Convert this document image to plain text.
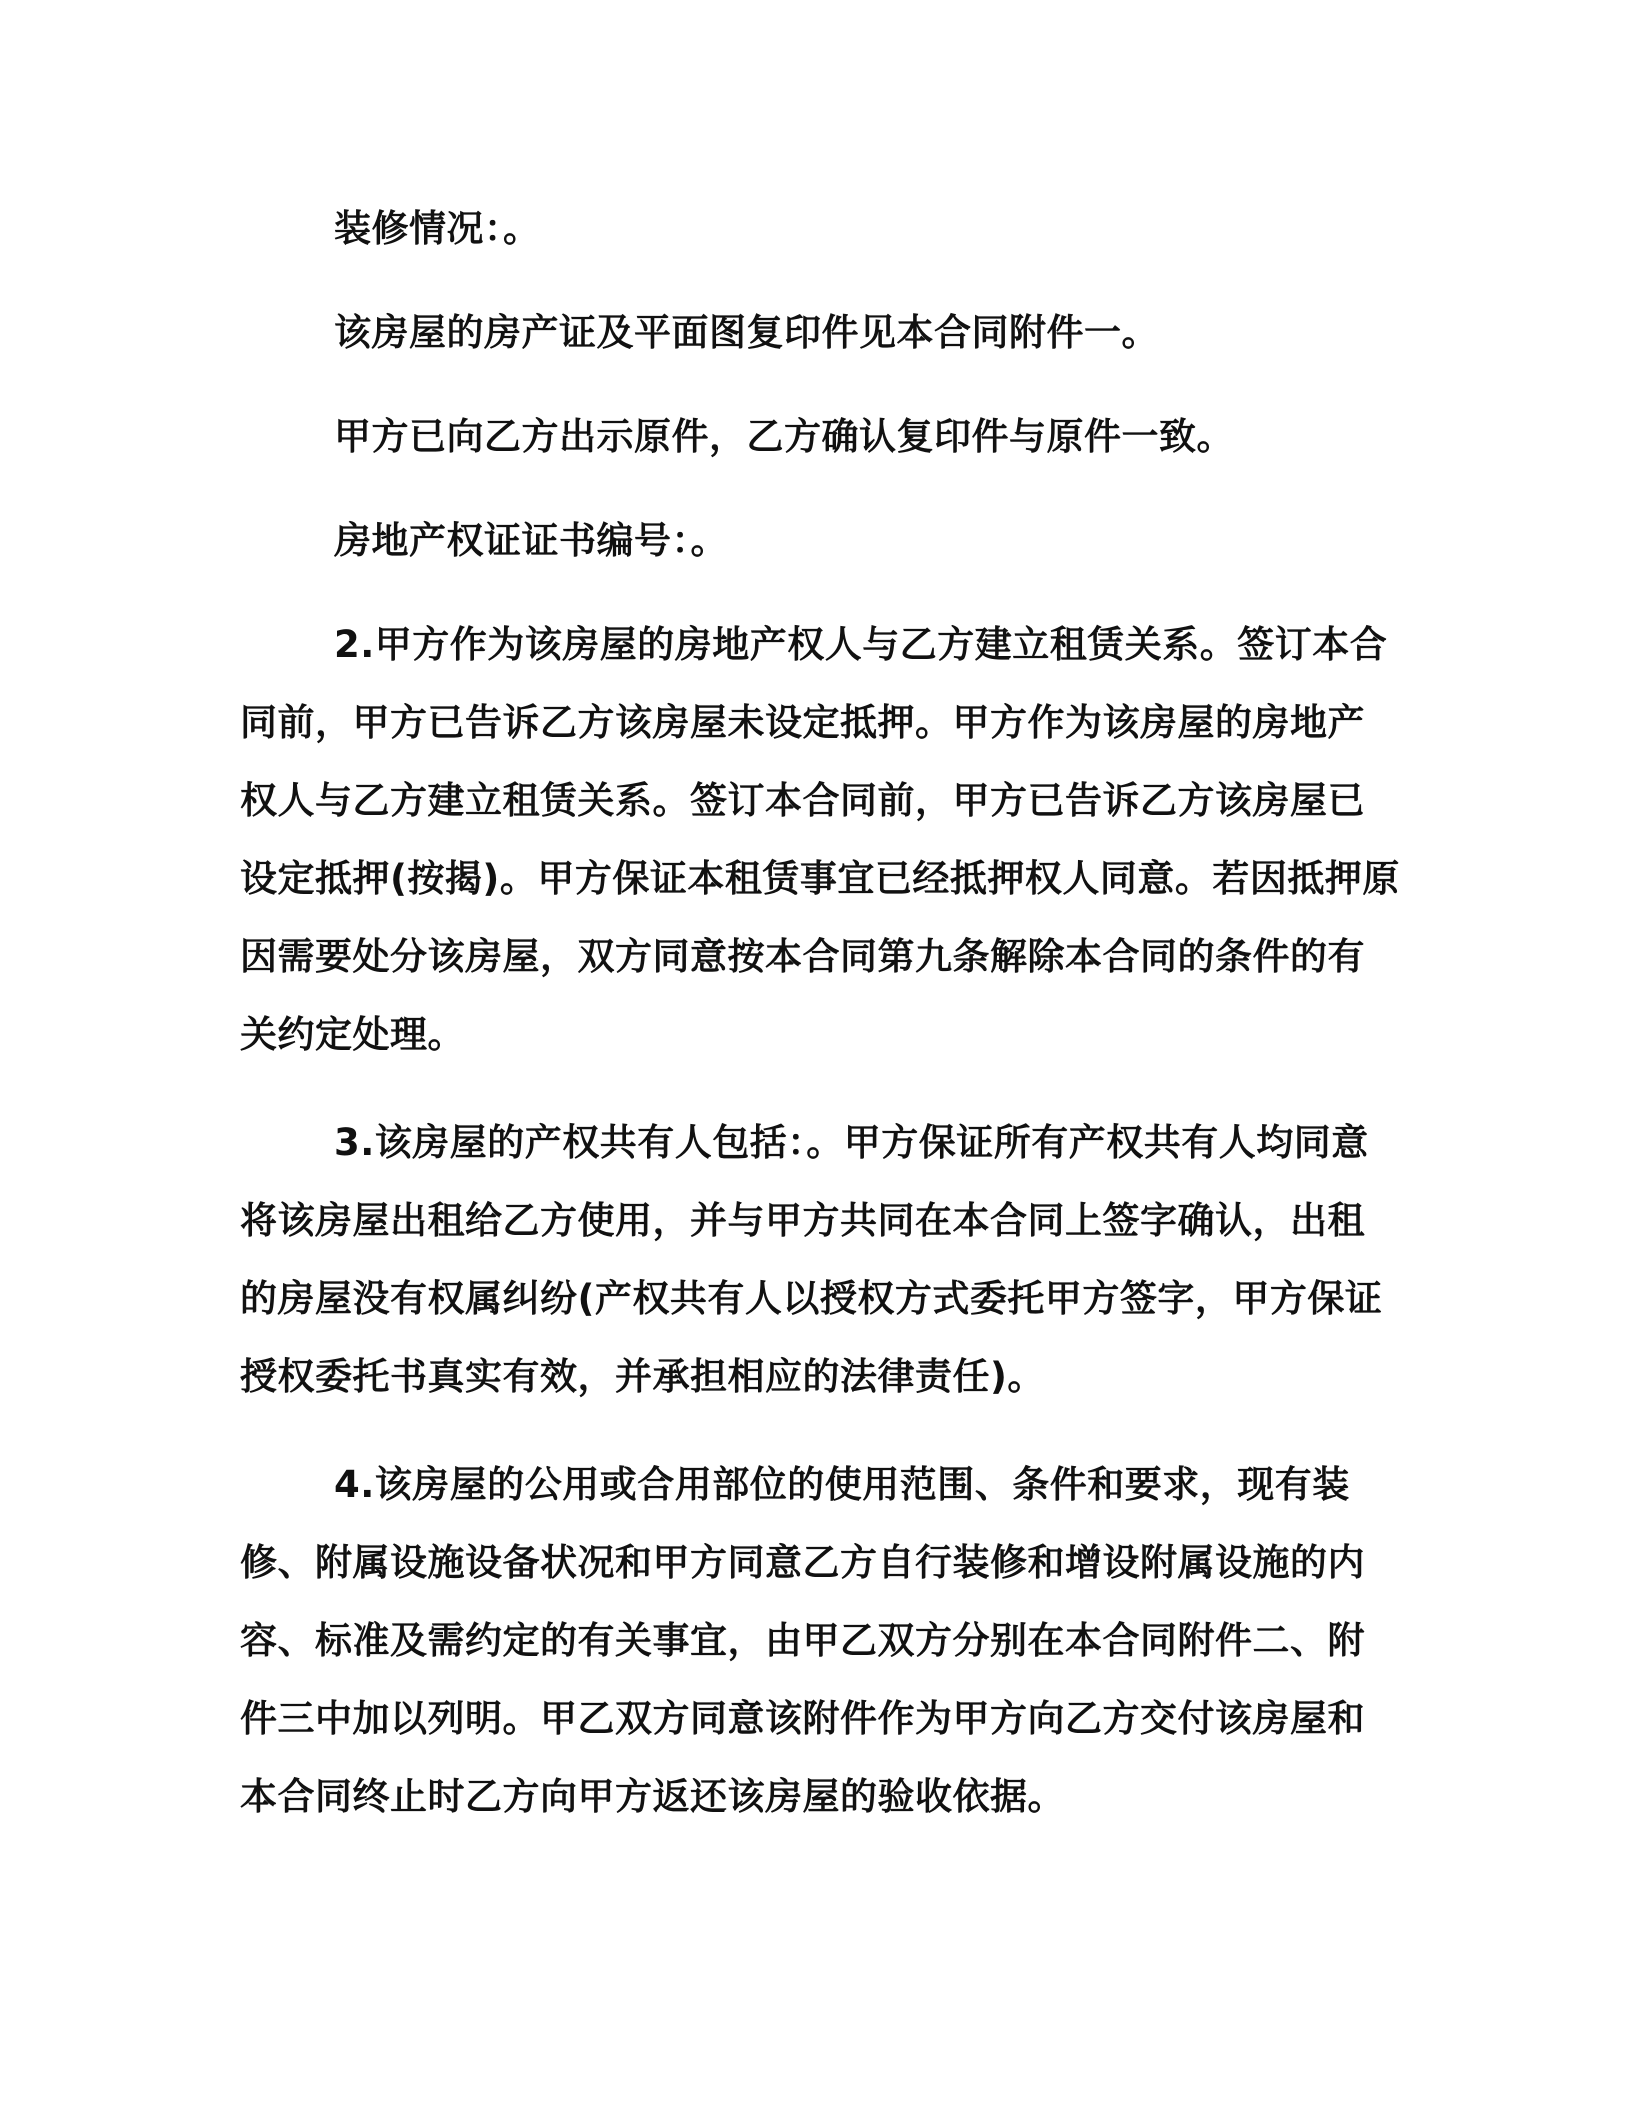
装修情况：。

该房屋的房产证及平面图复印件见本合同附件一。

甲方已向乙方出示原件，乙方确认复印件与原件一致。

房地产权证证书编号：。

2.甲方作为该房屋的房地产权人与乙方建立租赁关系。签订本合同前，甲方已告诉乙方该房屋未设定抵押。甲方作为该房屋的房地产权人与乙方建立租赁关系。签订本合同前，甲方已告诉乙方该房屋已设定抵押(按揭)。甲方保证本租赁事宜已经抵押权人同意。若因抵押原因需要处分该房屋，双方同意按本合同第九条解除本合同的条件的有关约定处理。

3.该房屋的产权共有人包括：。甲方保证所有产权共有人均同意将该房屋出租给乙方使用，并与甲方共同在本合同上签字确认，出租的房屋没有权属纠纷(产权共有人以授权方式委托甲方签字，甲方保证授权委托书真实有效，并承担相应的法律责任)。

4.该房屋的公用或合用部位的使用范围、条件和要求，现有装修、附属设施设备状况和甲方同意乙方自行装修和增设附属设施的内容、标准及需约定的有关事宜，由甲乙双方分别在本合同附件二、附件三中加以列明。甲乙双方同意该附件作为甲方向乙方交付该房屋和本合同终止时乙方向甲方返还该房屋的验收依据。
